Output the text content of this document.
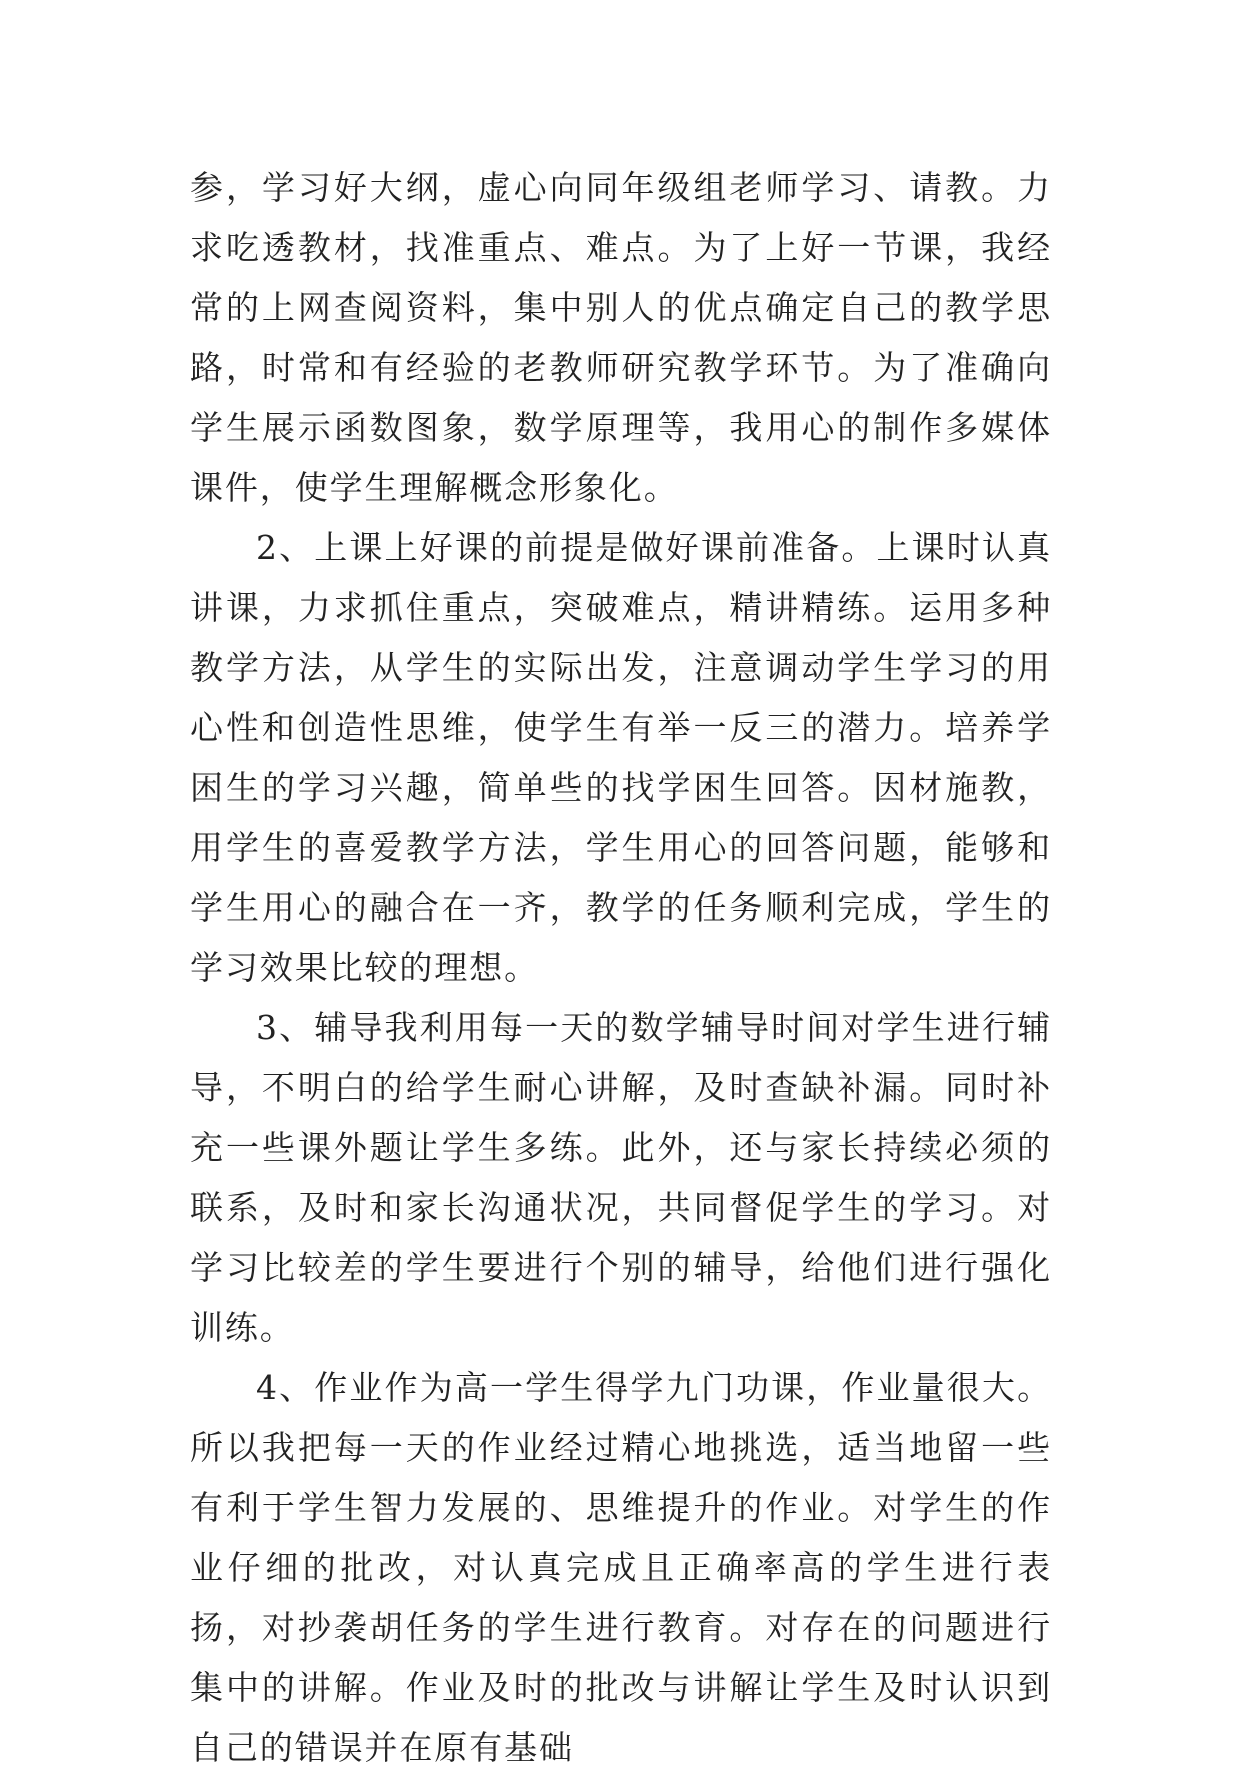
参，学习好大纲，虚心向同年级组老师学习、请教。力求吃透教材，找准重点、难点。为了上好一节课，我经常的上网查阅资料，集中别人的优点确定自己的教学思路，时常和有经验的老教师研究教学环节。为了准确向学生展示函数图象，数学原理等，我用心的制作多媒体课件，使学生理解概念形象化。

2、上课上好课的前提是做好课前准备。上课时认真讲课，力求抓住重点，突破难点，精讲精练。运用多种教学方法，从学生的实际出发，注意调动学生学习的用心性和创造性思维，使学生有举一反三的潜力。培养学困生的学习兴趣，简单些的找学困生回答。因材施教，用学生的喜爱教学方法，学生用心的回答问题，能够和学生用心的融合在一齐，教学的任务顺利完成，学生的学习效果比较的理想。

3、辅导我利用每一天的数学辅导时间对学生进行辅导，不明白的给学生耐心讲解，及时查缺补漏。同时补充一些课外题让学生多练。此外，还与家长持续必须的联系，及时和家长沟通状况，共同督促学生的学习。对学习比较差的学生要进行个别的辅导，给他们进行强化训练。

4、作业作为高一学生得学九门功课，作业量很大。所以我把每一天的作业经过精心地挑选，适当地留一些有利于学生智力发展的、思维提升的作业。对学生的作业仔细的批改，对认真完成且正确率高的学生进行表扬，对抄袭胡任务的学生进行教育。对存在的问题进行集中的讲解。作业及时的批改与讲解让学生及时认识到自己的错误并在原有基础
